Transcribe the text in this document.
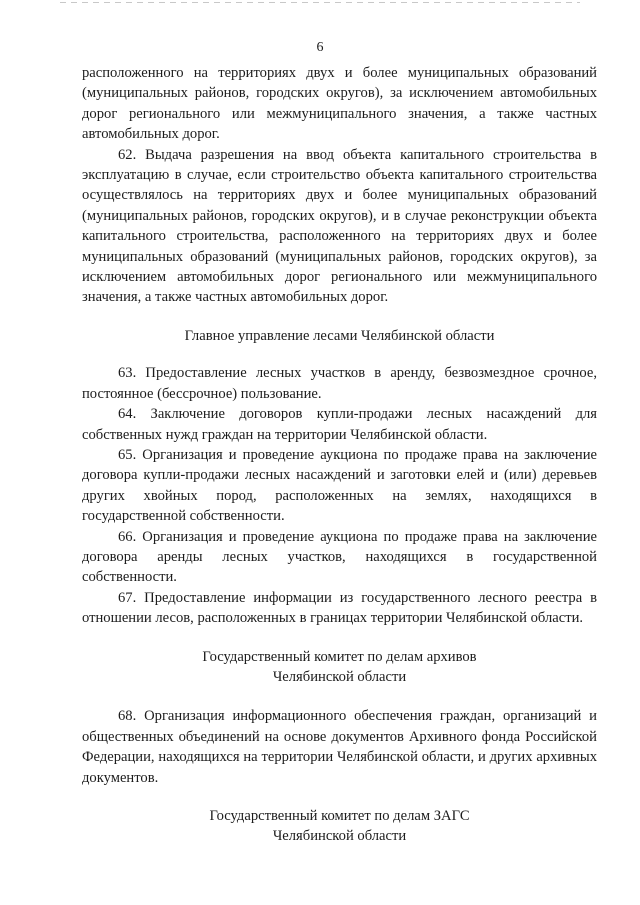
6

расположенного на территориях двух и более муниципальных образований (муниципальных районов, городских округов), за исключением автомобильных дорог регионального или межмуниципального значения, а также частных автомобильных дорог.

62. Выдача разрешения на ввод объекта капитального строительства в эксплуатацию в случае, если строительство объекта капитального строительства осуществлялось на территориях двух и более муниципальных образований (муниципальных районов, городских округов), и в случае реконструкции объекта капитального строительства, расположенного на территориях двух и более муниципальных образований (муниципальных районов, городских округов), за исключением автомобильных дорог регионального или межмуниципального значения, а также частных автомобильных дорог.

Главное управление лесами Челябинской области

63. Предоставление лесных участков в аренду, безвозмездное срочное, постоянное (бессрочное) пользование.

64. Заключение договоров купли-продажи лесных насаждений для собственных нужд граждан на территории Челябинской области.

65. Организация и проведение аукциона по продаже права на заключение договора купли-продажи лесных насаждений и заготовки елей и (или) деревьев других хвойных пород, расположенных на землях, находящихся в государственной собственности.

66. Организация и проведение аукциона по продаже права на заключение договора аренды лесных участков, находящихся в государственной собственности.

67. Предоставление информации из государственного лесного реестра в отношении лесов, расположенных в границах территории Челябинской области.

Государственный комитет по делам архивов
Челябинской области

68. Организация информационного обеспечения граждан, организаций и общественных объединений на основе документов Архивного фонда Российской Федерации, находящихся на территории Челябинской области, и других архивных документов.

Государственный комитет по делам ЗАГС
Челябинской области
